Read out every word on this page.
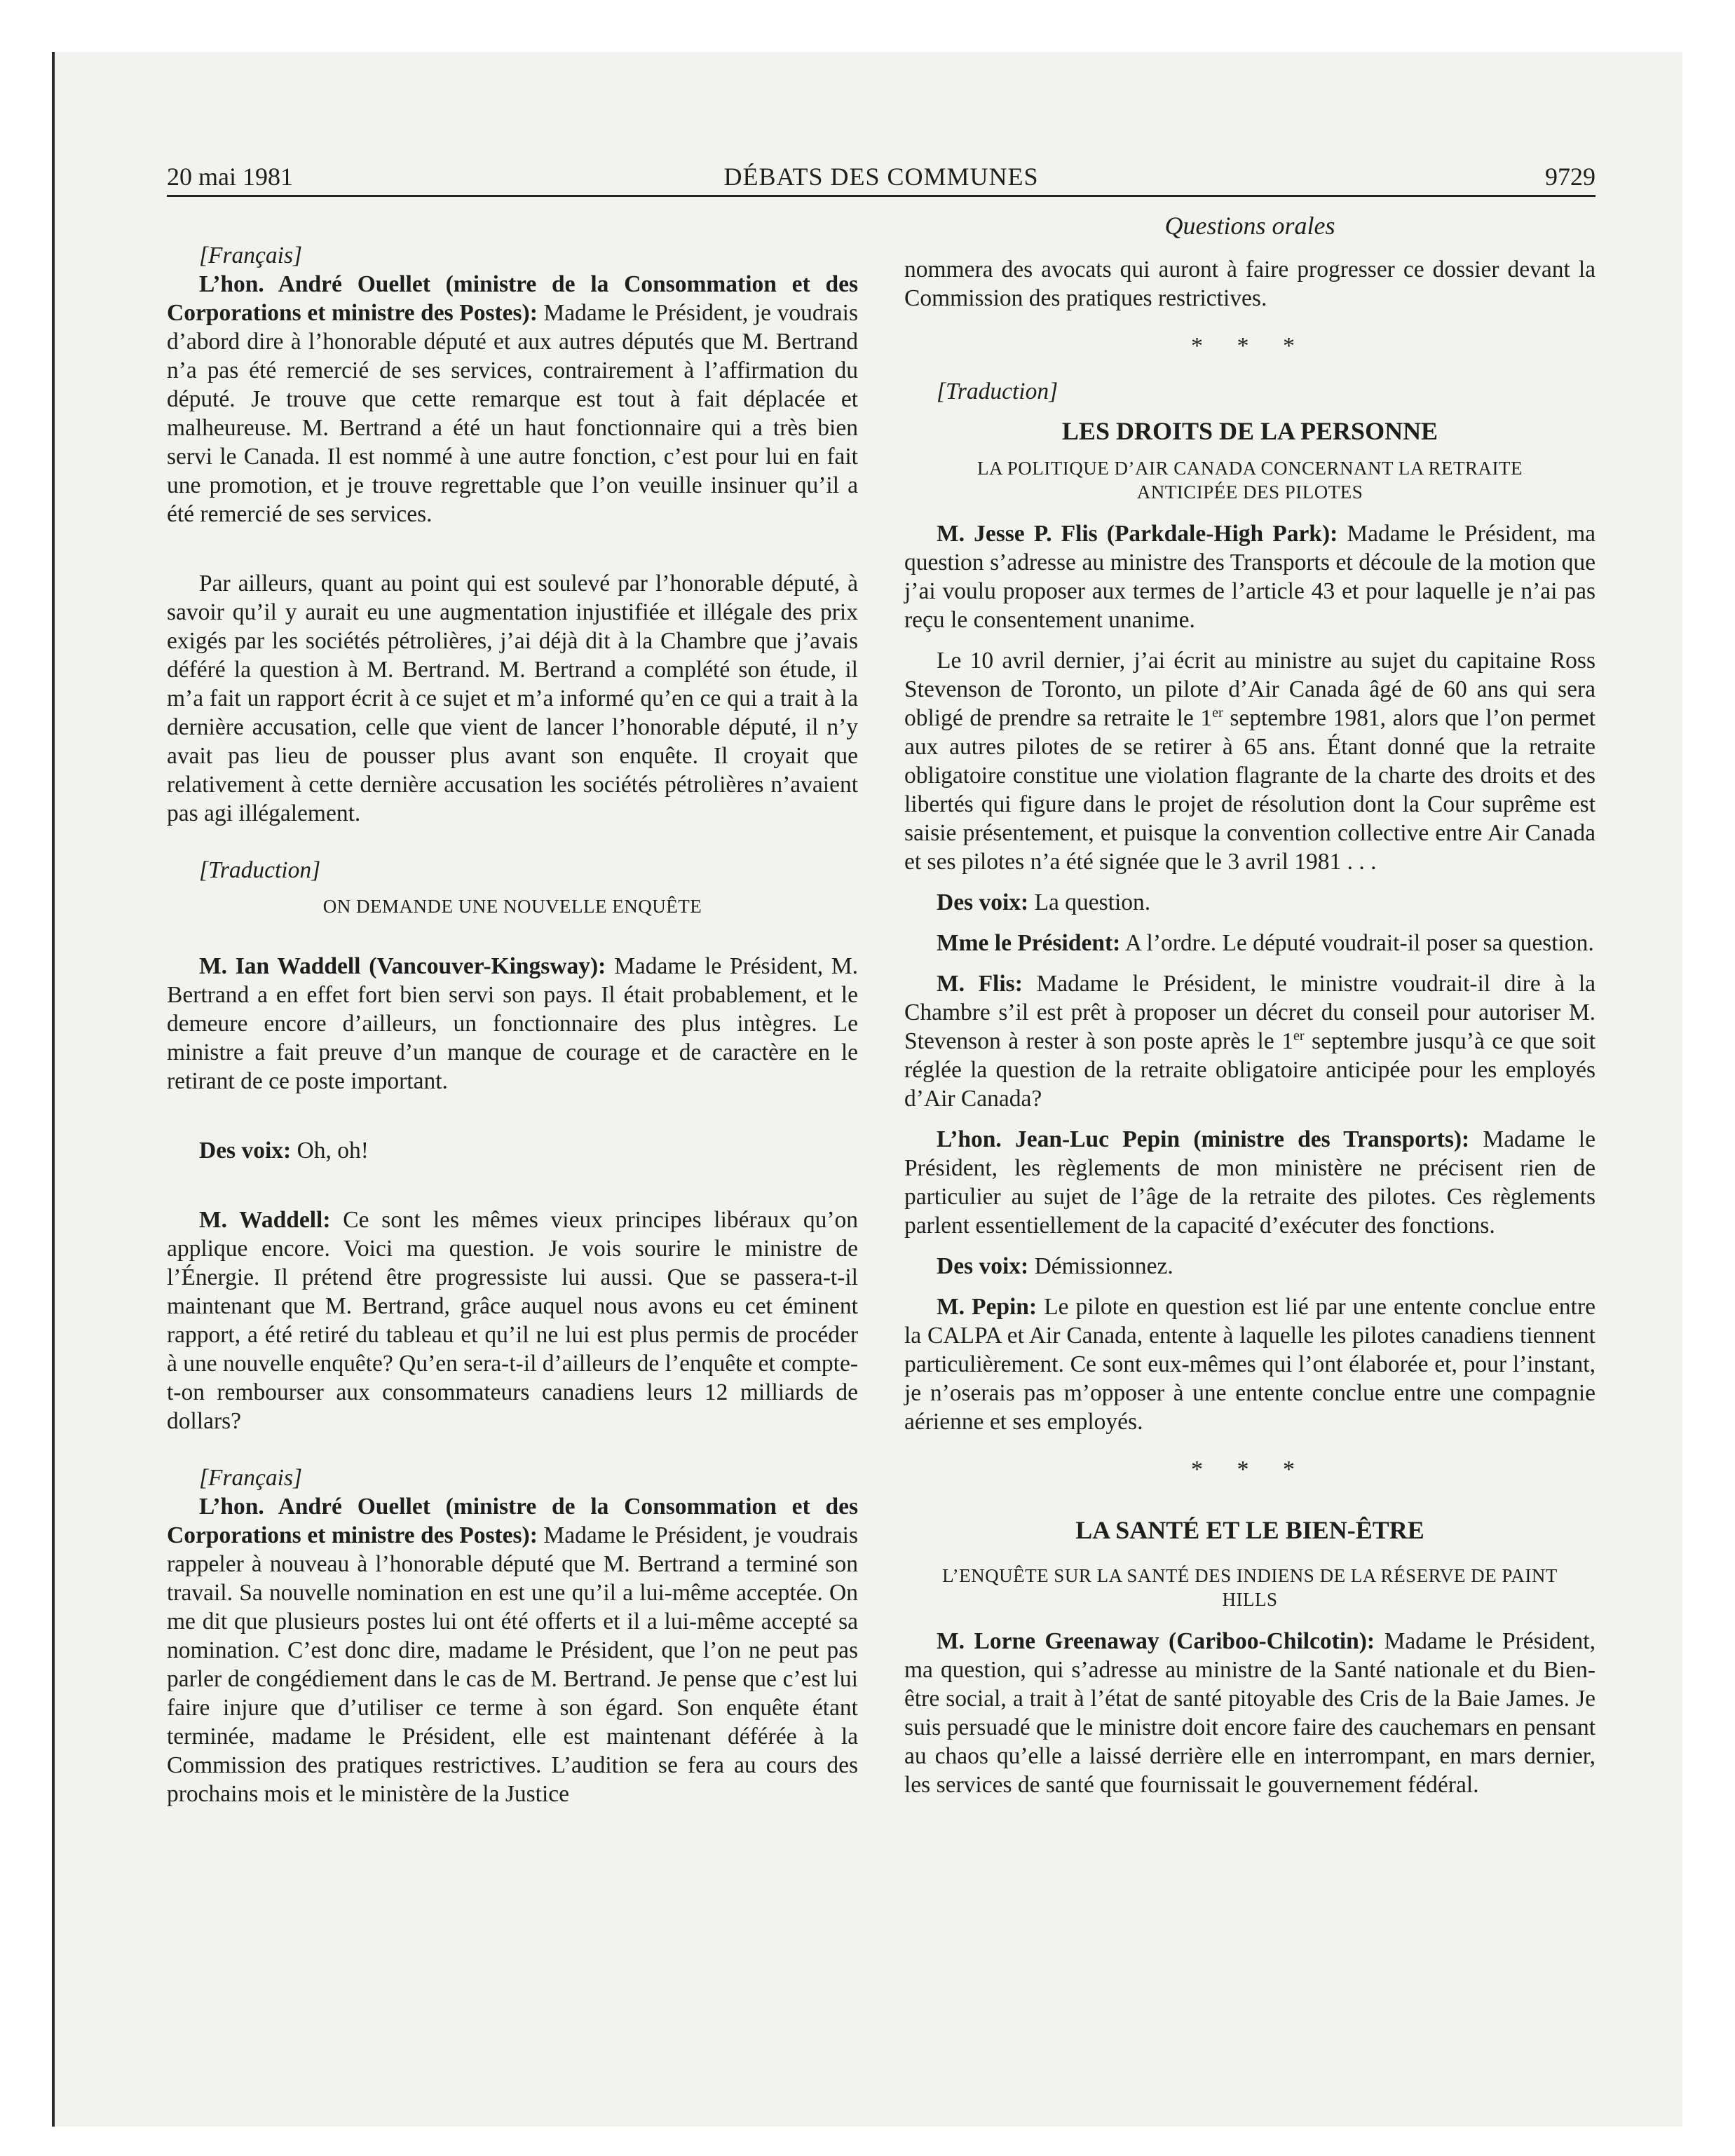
20 mai 1981	DÉBATS DES COMMUNES	9729
Questions orales

[Français]

L’hon. André Ouellet (ministre de la Consommation et des Corporations et ministre des Postes): Madame le Président, je voudrais d’abord dire à l’honorable député et aux autres députés que M. Bertrand n’a pas été remercié de ses services, contrairement à l’affirmation du député. Je trouve que cette remarque est tout à fait déplacée et malheureuse. M. Bertrand a été un haut fonctionnaire qui a très bien servi le Canada. Il est nommé à une autre fonction, c’est pour lui en fait une promotion, et je trouve regrettable que l’on veuille insinuer qu’il a été remercié de ses services.

Par ailleurs, quant au point qui est soulevé par l’honorable député, à savoir qu’il y aurait eu une augmentation injustifiée et illégale des prix exigés par les sociétés pétrolières, j’ai déjà dit à la Chambre que j’avais déféré la question à M. Bertrand. M. Bertrand a complété son étude, il m’a fait un rapport écrit à ce sujet et m’a informé qu’en ce qui a trait à la dernière accusation, celle que vient de lancer l’honorable député, il n’y avait pas lieu de pousser plus avant son enquête. Il croyait que relativement à cette dernière accusation les sociétés pétrolières n’avaient pas agi illégalement.

[Traduction]

ON DEMANDE UNE NOUVELLE ENQUÊTE

M. Ian Waddell (Vancouver-Kingsway): Madame le Président, M. Bertrand a en effet fort bien servi son pays. Il était probablement, et le demeure encore d’ailleurs, un fonctionnaire des plus intègres. Le ministre a fait preuve d’un manque de courage et de caractère en le retirant de ce poste important.

Des voix: Oh, oh!

M. Waddell: Ce sont les mêmes vieux principes libéraux qu’on applique encore. Voici ma question. Je vois sourire le ministre de l’Énergie. Il prétend être progressiste lui aussi. Que se passera-t-il maintenant que M. Bertrand, grâce auquel nous avons eu cet éminent rapport, a été retiré du tableau et qu’il ne lui est plus permis de procéder à une nouvelle enquête? Qu’en sera-t-il d’ailleurs de l’enquête et compte-t-on rembourser aux consommateurs canadiens leurs 12 milliards de dollars?

[Français]

L’hon. André Ouellet (ministre de la Consommation et des Corporations et ministre des Postes): Madame le Président, je voudrais rappeler à nouveau à l’honorable député que M. Bertrand a terminé son travail. Sa nouvelle nomination en est une qu’il a lui-même acceptée. On me dit que plusieurs postes lui ont été offerts et il a lui-même accepté sa nomination. C’est donc dire, madame le Président, que l’on ne peut pas parler de congédiement dans le cas de M. Bertrand. Je pense que c’est lui faire injure que d’utiliser ce terme à son égard. Son enquête étant terminée, madame le Président, elle est maintenant déférée à la Commission des pratiques restrictives. L’audition se fera au cours des prochains mois et le ministère de la Justice

nommera des avocats qui auront à faire progresser ce dossier devant la Commission des pratiques restrictives.

* * *

[Traduction]

LES DROITS DE LA PERSONNE
LA POLITIQUE D’AIR CANADA CONCERNANT LA RETRAITE ANTICIPÉE DES PILOTES

M. Jesse P. Flis (Parkdale-High Park): Madame le Président, ma question s’adresse au ministre des Transports et découle de la motion que j’ai voulu proposer aux termes de l’article 43 et pour laquelle je n’ai pas reçu le consentement unanime.

Le 10 avril dernier, j’ai écrit au ministre au sujet du capitaine Ross Stevenson de Toronto, un pilote d’Air Canada âgé de 60 ans qui sera obligé de prendre sa retraite le 1er septembre 1981, alors que l’on permet aux autres pilotes de se retirer à 65 ans. Étant donné que la retraite obligatoire constitue une violation flagrante de la charte des droits et des libertés qui figure dans le projet de résolution dont la Cour suprême est saisie présentement, et puisque la convention collective entre Air Canada et ses pilotes n’a été signée que le 3 avril 1981 . . .

Des voix: La question.

Mme le Président: A l’ordre. Le député voudrait-il poser sa question.

M. Flis: Madame le Président, le ministre voudrait-il dire à la Chambre s’il est prêt à proposer un décret du conseil pour autoriser M. Stevenson à rester à son poste après le 1er septembre jusqu’à ce que soit réglée la question de la retraite obligatoire anticipée pour les employés d’Air Canada?

L’hon. Jean-Luc Pepin (ministre des Transports): Madame le Président, les règlements de mon ministère ne précisent rien de particulier au sujet de l’âge de la retraite des pilotes. Ces règlements parlent essentiellement de la capacité d’exécuter des fonctions.

Des voix: Démissionnez.

M. Pepin: Le pilote en question est lié par une entente conclue entre la CALPA et Air Canada, entente à laquelle les pilotes canadiens tiennent particulièrement. Ce sont eux-mêmes qui l’ont élaborée et, pour l’instant, je n’oserais pas m’opposer à une entente conclue entre une compagnie aérienne et ses employés.

* * *
LA SANTÉ ET LE BIEN-ÊTRE
L’ENQUÊTE SUR LA SANTÉ DES INDIENS DE LA RÉSERVE DE PAINT HILLS

M. Lorne Greenaway (Cariboo-Chilcotin): Madame le Président, ma question, qui s’adresse au ministre de la Santé nationale et du Bien-être social, a trait à l’état de santé pitoyable des Cris de la Baie James. Je suis persuadé que le ministre doit encore faire des cauchemars en pensant au chaos qu’elle a laissé derrière elle en interrompant, en mars dernier, les services de santé que fournissait le gouvernement fédéral.
